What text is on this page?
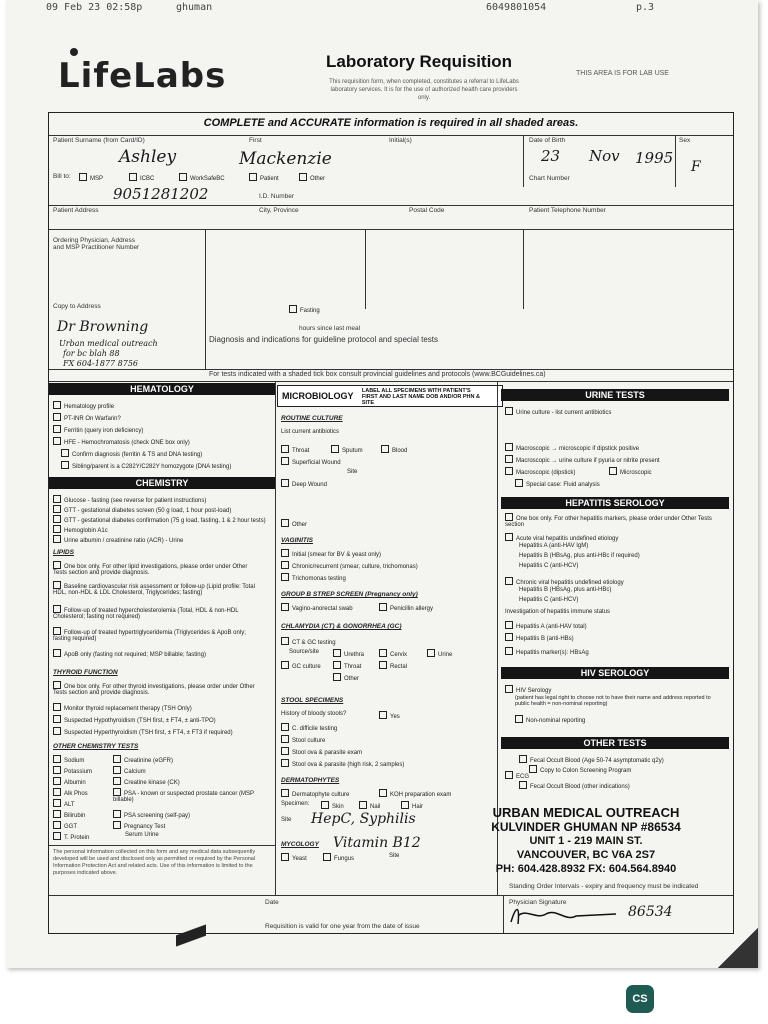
09 Feb 23 02:58p	ghuman	6049801054	p.3
LifeLabs	Laboratory Requisition
This requisition form, when completed, constitutes a referral to LifeLabs laboratory services. It is for the use of authorized health care providers only.
THIS AREA IS FOR LAB USE
COMPLETE and ACCURATE information is required in all shaded areas.
Patient Surname (from Card/ID)	First	Initial(s)	Date of Birth	Sex
Ashley	Mackenzie	23 Nov 1995 F
Bill to:	MSP	ICBC	WorkSafeBC	Patient	Other	Chart Number
9051281202	I.D. Number
Patient Address	City, Province	Postal Code	Patient Telephone Number
Ordering Physician, Address and MSP Practitioner Number
Copy to Address
Dr Browning
Urban medical outreach
for bc blah 88
FX 604-1877 8756
Fasting
hours since last meal
Diagnosis and indications for guideline protocol and special tests
For tests indicated with a shaded tick box consult provincial guidelines and protocols (www.BCGuidelines.ca)
HEMATOLOGY
Hematology profile
PT-INR On Warfarin?
Ferritin (query iron deficiency)
HFE - Hemochromatosis (check ONE box only)
Confirm diagnosis (ferritin & TS and DNA testing)
Sibling/parent is a C282Y/C282Y homozygote (DNA testing)
CHEMISTRY
Glucose - fasting (see reverse for patient instructions)
GTT - gestational diabetes screen (50 g load, 1 hour post-load)
GTT - gestational diabetes confirmation (75 g load, fasting, 1 & 2 hour tests)
Hemoglobin A1c
Urine albumin / creatinine ratio (ACR) - Urine
LIPIDS
One box only. For other lipid investigations, please order under Other Tests section and provide diagnosis.
Baseline cardiovascular risk assessment or follow-up (Lipid profile: Total HDL, non-HDL & LDL Cholesterol, Triglycerides; fasting)
Follow-up of treated hypercholesterolemia (Total, HDL & non-HDL Cholesterol; fasting not required)
Follow-up of treated hypertriglyceridemia (Triglycerides & ApoB only; fasting required)
ApoB only (fasting not required; MSP billable; fasting)
THYROID FUNCTION
One box only. For other thyroid investigations, please order under Other Tests section and provide diagnosis.
Monitor thyroid replacement therapy (TSH Only)
Suspected Hypothyroidism (TSH first, ± FT4, ± anti-TPO)
Suspected Hyperthyroidism (TSH first, ± FT4, ± FT3 if required)
OTHER CHEMISTRY TESTS
Sodium
Potassium
Albumin
Alk Phos
ALT
Bilirubin
GGT
T. Protein
Creatinine (eGFR)
Calcium
Creatine kinase (CK)
PSA - known or suspected prostate cancer (MSP billable)
PSA screening (self-pay)
Pregnancy Test
Serum Urine
The personal information collected on this form and any medical data subsequently developed will be used and disclosed only as permitted or required by the Personal Information Protection Act and related acts. Use of this information is limited to the purposes indicated above.
MICROBIOLOGY LABEL ALL SPECIMENS WITH PATIENT'S FIRST AND LAST NAME DOB AND/OR PHN & SITE
ROUTINE CULTURE
List current antibiotics
Throat	Sputum	Blood
Superficial Wound
Deep Wound
Site
Other
VAGINITIS
Initial (smear for BV & yeast only)
Chronic/recurrent (smear, culture, trichomonas)
Trichomonas testing
GROUP B STREP SCREEN (Pregnancy only)
Vagino-anorectal swab	Penicillin allergy
CHLAMYDIA (CT) & GONORRHEA (GC)
CT & GC testing
Source/site	Urethra	Cervix	Urine
GC culture	Throat	Rectal
Other
STOOL SPECIMENS
History of bloody stools?	Yes
C. difficile testing
Stool culture
Stool ova & parasite exam
Stool ova & parasite (high risk, 2 samples)
DERMATOPHYTES
Dermatophyte culture	KOH preparation exam
Specimen:	Skin	Nail	Hair
Site
MYCOLOGY
Yeast	Fungus	Site
HepC, Syphilis
Vitamin B12
URINE TESTS
Urine culture - list current antibiotics
Macroscopic → microscopic if dipstick positive
Macroscopic → urine culture if pyuria or nitrite present
Macroscopic (dipstick)	Microscopic
Special case: Fluid analysis
HEPATITIS SEROLOGY
One box only. For other hepatitis markers, please order under Other Tests section
Acute viral hepatitis undefined etiology
Hepatitis A (anti-HAV IgM)
Hepatitis B (HBsAg, plus anti-HBc if required)
Hepatitis C (anti-HCV)
Chronic viral hepatitis undefined etiology
Hepatitis B (HBsAg, plus anti-HBc)
Hepatitis C (anti-HCV)
Investigation of hepatitis immune status
Hepatitis A (anti-HAV total)
Hepatitis B (anti-HBs)
Hepatitis marker(s): HBsAg
HIV SEROLOGY
HIV Serology
(patient has legal right to choose not to have their name and address reported to public health = non-nominal reporting)
Non-nominal reporting
OTHER TESTS
Fecal Occult Blood (Age 50-74 asymptomatic q2y)
Copy to Colon Screening Program
Fecal Occult Blood (other indications)
ECG
Date
Requisition is valid for one year from the date of issue
Standing Order Intervals - expiry and frequency must be indicated
Physician Signature
URBAN MEDICAL OUTREACH
KULVINDER GHUMAN NP #86534
UNIT 1 - 219 MAIN ST.
VANCOUVER, BC V6A 2S7
PH: 604.428.8932 FX: 604.564.8940
86534
CS
